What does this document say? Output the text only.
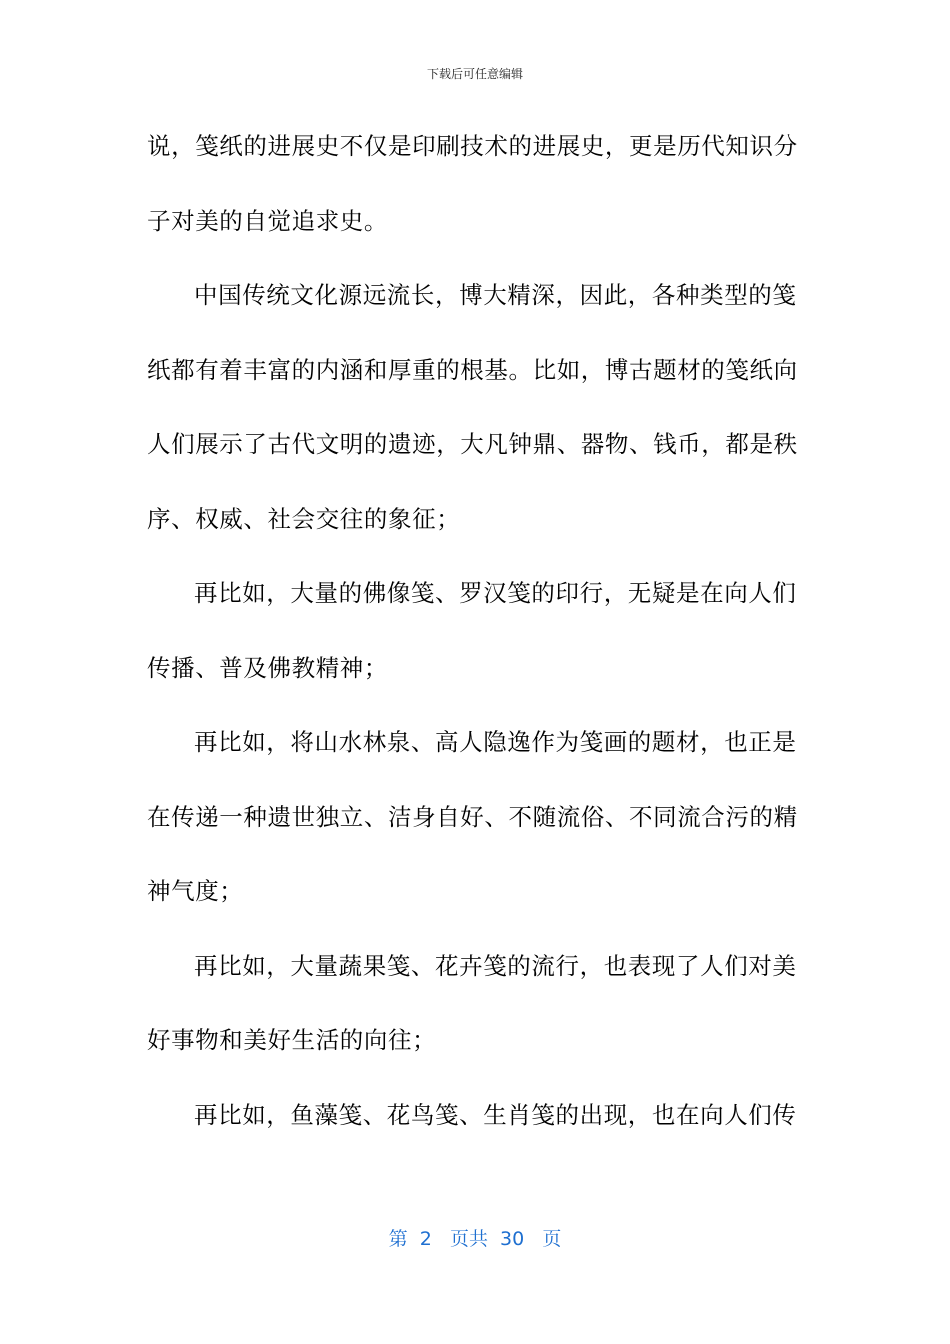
下载后可任意编辑
说，笺纸的进展史不仅是印刷技术的进展史，更是历代知识分
子对美的自觉追求史。
中国传统文化源远流长，博大精深，因此，各种类型的笺
纸都有着丰富的内涵和厚重的根基。比如，博古题材的笺纸向
人们展示了古代文明的遗迹，大凡钟鼎、器物、钱币，都是秩
序、权威、社会交往的象征；
再比如，大量的佛像笺、罗汉笺的印行，无疑是在向人们
传播、普及佛教精神；
再比如，将山水林泉、高人隐逸作为笺画的题材，也正是
在传递一种遗世独立、洁身自好、不随流俗、不同流合污的精
神气度；
再比如，大量蔬果笺、花卉笺的流行，也表现了人们对美
好事物和美好生活的向往；
再比如，鱼藻笺、花鸟笺、生肖笺的出现，也在向人们传
第  2   页共  30   页
